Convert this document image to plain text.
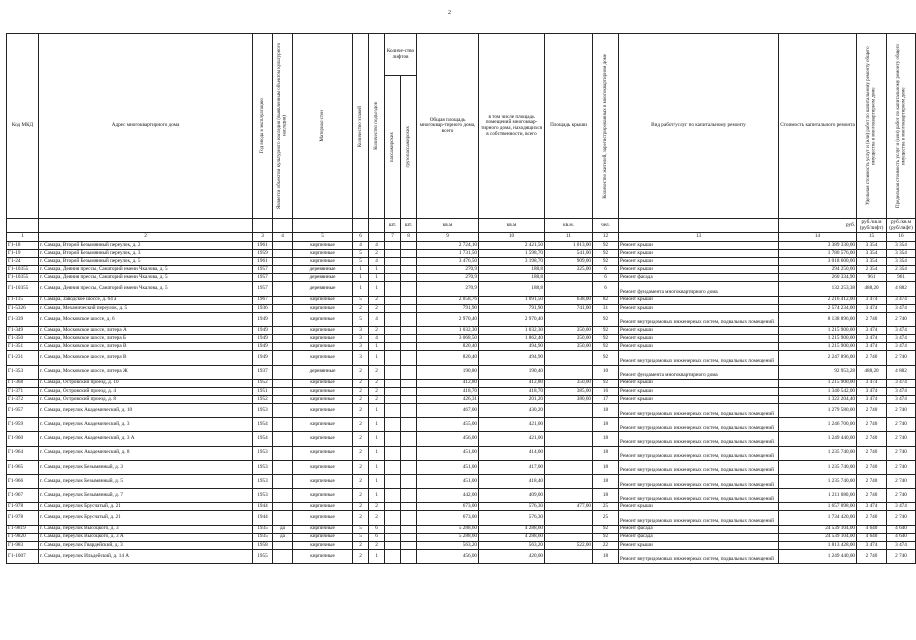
2
Код МКД	Адрес многоквартирного дома	Год ввода в эксплуатацию	Является объектом культурного наследия (выявленным объектом культурного наследия)	Материал стен	Количество этажей	Количество подъездов	Количе-ство лифтов		Общая площадь многоквар-тирного дома, всего	в том числе площадь помещений многоквар-тирного дома, находящихся в собственности, всего	Площадь крыши	Количество жителей, зарегистрированных в многоквартирном доме	Вид работ/услуг по капитальному ремонту	Стоимость капитального ремонта	Удельная стоимость услуг и (или) работ по капитальному ремонту общего имущества в многоквартирном доме	Предельная стоимость услуг и (или) работ по капитальному ремонту общего имущества в многоквартирном доме

							пассажирских	грузопассажирских								

							шт.	шт.	кв.м	кв.м	кв.м.	чел.		руб.	руб./кв.м (руб/лифт)	руб./кв.м (руб/лифт)

1	2	3	4	5	6		7	8	9	10	11	12	13	14	15	16
Г1-18	г. Самара, Второй Безымянный переулок, д. 2	1961		кирпичные	4	4			2 724,10	2 421,50	1 013,00	92	Ремонт крыши	3 389 330,00	3 354	3 354
Г1-19	г. Самара, Второй Безымянный переулок, д. 3	1959		кирпичные	5	2			1 731,50	1 598,70	541,00	92	Ремонт крыши	1 780 576,00	3 354	3 354
Г1-24	г. Самара, Второй Безымянный переулок, д. 5	1961		кирпичные	5	4			3 476,50	3 198,70	909,00	92	Ремонт крыши	3 018 600,00	3 354	3 354
Г1-10355	г. Самара, Деяния прессы, Санаторий имени Чкалова, д. 5	1957		деревянные	1	1			270,9	188,8	325,00	6	Ремонт крыши	294 250,00	2 354	2 354
Г1-10355	г. Самара, Деяния прессы, Санаторий имени Чкалова, д. 5	1957		деревянные	1	1			270,9	188,8		6	Ремонт фасада	260 334,90	961	961
Г1-10355	г. Самара, Деяния прессы, Санаторий имени Чкалова, д. 5	1957		деревянные	1	1			270,9	188,8		6	Ремонт фундамента многоквартирного дома	132 253,38	488,20	4 882
Г1-115	г. Самара, Заводское шоссе, д. 64 а	1967		кирпичные	5	2			2 058,76	1 091,50	638,00	82	Ремонт крыши	2 216 412,00	3 474	3 474
Г1-5326	г. Самара, Механический переулок, д. 5	1936		кирпичные	2	2			791,90	791,90	741,00	31	Ремонт крыши	2 574 234,00	3 474	3 474
Г1-339	г. Самара, Московское шоссе, д. 6	1949		кирпичные	5	4			2 970,40	2 970,40		92	Ремонт внутридомовых инженерных систем, подвальных помещений	8 138 896,00	2 740	2 740
Г1-349	г. Самара, Московское шоссе, литера А	1949		кирпичные	3	2			1 032,30	1 032,30	350,00	92	Ремонт крыши	1 215 900,00	3 474	3 474
Г1-350	г. Самара, Московское шоссе, литера Б	1949		кирпичные	3	4			3 068,50	1 862,40	350,00	92	Ремонт крыши	1 215 900,00	3 474	3 474
Г1-351	г. Самара, Московское шоссе, литера В	1949		кирпичные	3	1			820,40	494,90	350,00	92	Ремонт крыши	1 215 900,00	3 474	3 474
Г1-231	г. Самара, Московское шоссе, литера В	1949		кирпичные	3	1			820,40	494,90		92	Ремонт внутридомовых инженерных систем, подвальных помещений	2 247 896,00	2 740	2 740
Г1-353	г. Самара, Московское шоссе, литера Ж	1937		деревянные	2	2			190,80	190,40		10	Ремонт фундамента многоквартирного дома	92 953,28	488,20	4 882
Г1-368	г. Самара, Островский проезд, д. 10	1952		кирпичные	2	2			412,80	412,80	350,00	92	Ремонт крыши	1 215 900,00	3 474	3 474
Г1-371	г. Самара, Островский проезд, д. 4	1951		кирпичные	2	2			418,70	418,70	385,00	16	Ремонт крыши	1 340 542,00	3 474	3 474
Г1-372	г. Самара, Островский проезд, д. 8	1952		кирпичные	2	2			426,31	201,20	380,60	17	Ремонт крыши	1 322 204,40	3 474	3 474
Г1-957	г. Самара, переулок Академический, д. 10	1953		кирпичные	2	1			467,00	430,20		18	Ремонт внутридомовых инженерных систем, подвальных помещений	1 279 580,00	2 740	2 740
Г1-959	г. Самара, переулок Академический, д. 3	1954		кирпичные	2	1			455,00	421,00		18	Ремонт внутридомовых инженерных систем, подвальных помещений	1 246 700,00	2 740	2 740
Г1-960	г. Самара, переулок Академический, д. 3 А	1954		кирпичные	2	1			456,00	421,00		18	Ремонт внутридомовых инженерных систем, подвальных помещений	1 249 440,00	2 740	2 740
Г1-964	г. Самара, переулок Академический, д. 8	1953		кирпичные	2	1			451,00	414,00		18	Ремонт внутридомовых инженерных систем, подвальных помещений	1 235 740,00	2 740	2 740
Г1-965	г. Самара, переулок Безымянный, д. 3	1953		кирпичные	2	1			451,00	417,00		18	Ремонт внутридомовых инженерных систем, подвальных помещений	1 235 740,00	2 740	2 740
Г1-966	г. Самара, переулок Безымянный, д. 5	1953		кирпичные	2	1			451,00	418,40		18	Ремонт внутридомовых инженерных систем, подвальных помещений	1 235 740,00	2 740	2 740
Г1-967	г. Самара, переулок Безымянный, д. 7	1953		кирпичные	2	1			442,00	409,00		18	Ремонт внутридомовых инженерных систем, подвальных помещений	1 211 080,00	2 740	2 740
Г1-978	г. Самара, переулок Брусчатый, д. 21	1944		кирпичные	2	2			673,00	576,30	477,00	25	Ремонт крыши	1 657 098,00	3 474	3 474
Г1-978	г. Самара, переулок Брусчатый, д. 21	1944		кирпичные	2	2			673,00	576,30		25	Ремонт внутридомовых инженерных систем, подвальных помещений	1 734 420,00	2 740	2 740
Г1-9819	г. Самара, переулок Высоцкого, д. 3	1935	да	кирпичные	5	6			5 288,60	4 288,60		92	Ремонт фасада	24 539 104,00	4 640	4 640
Г1-9820	г. Самара, переулок Высоцкого, д. 3 А	1935	да	кирпичные	5	6			5 288,60	4 288,60		92	Ремонт фасада	24 539 104,00	4 640	4 640
Г1-983	г. Самара, переулок Гвардейский, д. 3	1958		кирпичные	2	2			563,20	563,20	522,00	22	Ремонт крыши	1 813 428,00	3 474	3 474
Г1-1007	г. Самара, переулок Ильдейский, д. 14 А	1955		кирпичные	2	1			456,00	420,00		18	Ремонт внутридомовых инженерных систем, подвальных помещений	1 249 440,00	2 740	2 740
